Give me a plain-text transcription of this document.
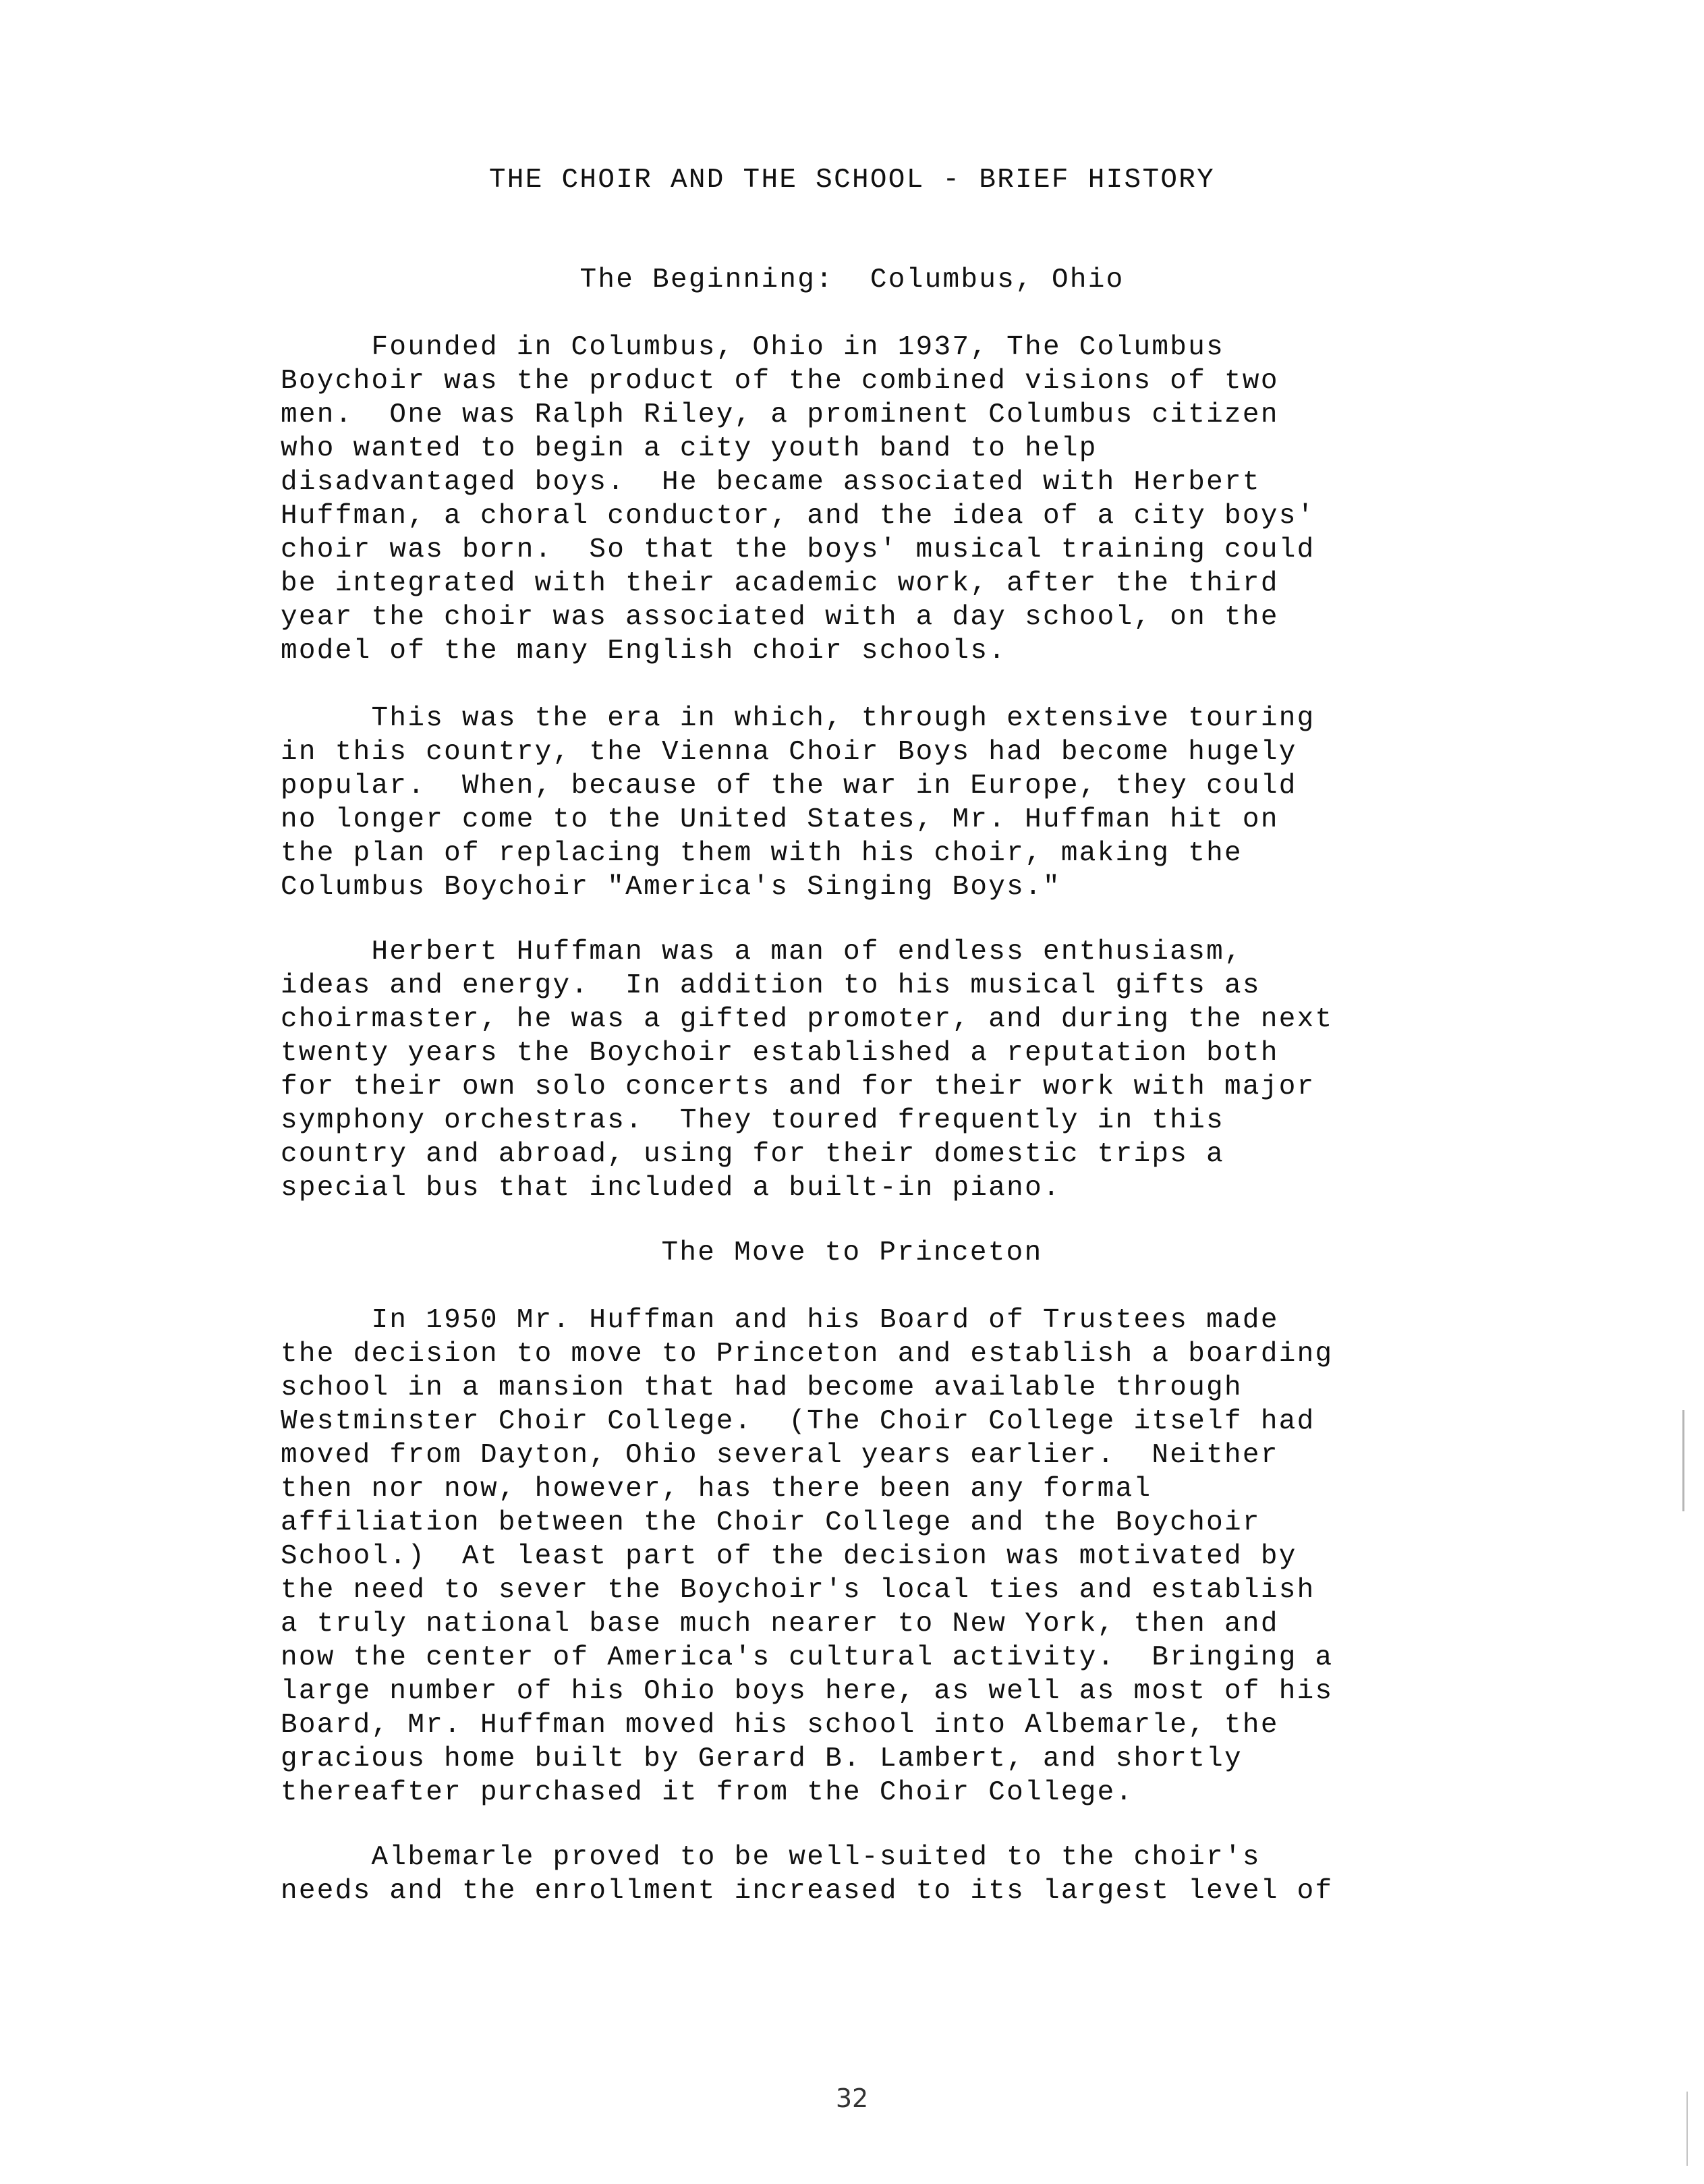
THE CHOIR AND THE SCHOOL - BRIEF HISTORY

The Beginning:  Columbus, Ohio

Founded in Columbus, Ohio in 1937, The Columbus
Boychoir was the product of the combined visions of two
men.  One was Ralph Riley, a prominent Columbus citizen
who wanted to begin a city youth band to help
disadvantaged boys.  He became associated with Herbert
Huffman, a choral conductor, and the idea of a city boys'
choir was born.  So that the boys' musical training could
be integrated with their academic work, after the third
year the choir was associated with a day school, on the
model of the many English choir schools.

This was the era in which, through extensive touring
in this country, the Vienna Choir Boys had become hugely
popular.  When, because of the war in Europe, they could
no longer come to the United States, Mr. Huffman hit on
the plan of replacing them with his choir, making the
Columbus Boychoir "America's Singing Boys."

Herbert Huffman was a man of endless enthusiasm,
ideas and energy.  In addition to his musical gifts as
choirmaster, he was a gifted promoter, and during the next
twenty years the Boychoir established a reputation both
for their own solo concerts and for their work with major
symphony orchestras.  They toured frequently in this
country and abroad, using for their domestic trips a
special bus that included a built-in piano.

The Move to Princeton

In 1950 Mr. Huffman and his Board of Trustees made
the decision to move to Princeton and establish a boarding
school in a mansion that had become available through
Westminster Choir College.  (The Choir College itself had
moved from Dayton, Ohio several years earlier.  Neither
then nor now, however, has there been any formal
affiliation between the Choir College and the Boychoir
School.)  At least part of the decision was motivated by
the need to sever the Boychoir's local ties and establish
a truly national base much nearer to New York, then and
now the center of America's cultural activity.  Bringing a
large number of his Ohio boys here, as well as most of his
Board, Mr. Huffman moved his school into Albemarle, the
gracious home built by Gerard B. Lambert, and shortly
thereafter purchased it from the Choir College.

Albemarle proved to be well-suited to the choir's
needs and the enrollment increased to its largest level of

32
